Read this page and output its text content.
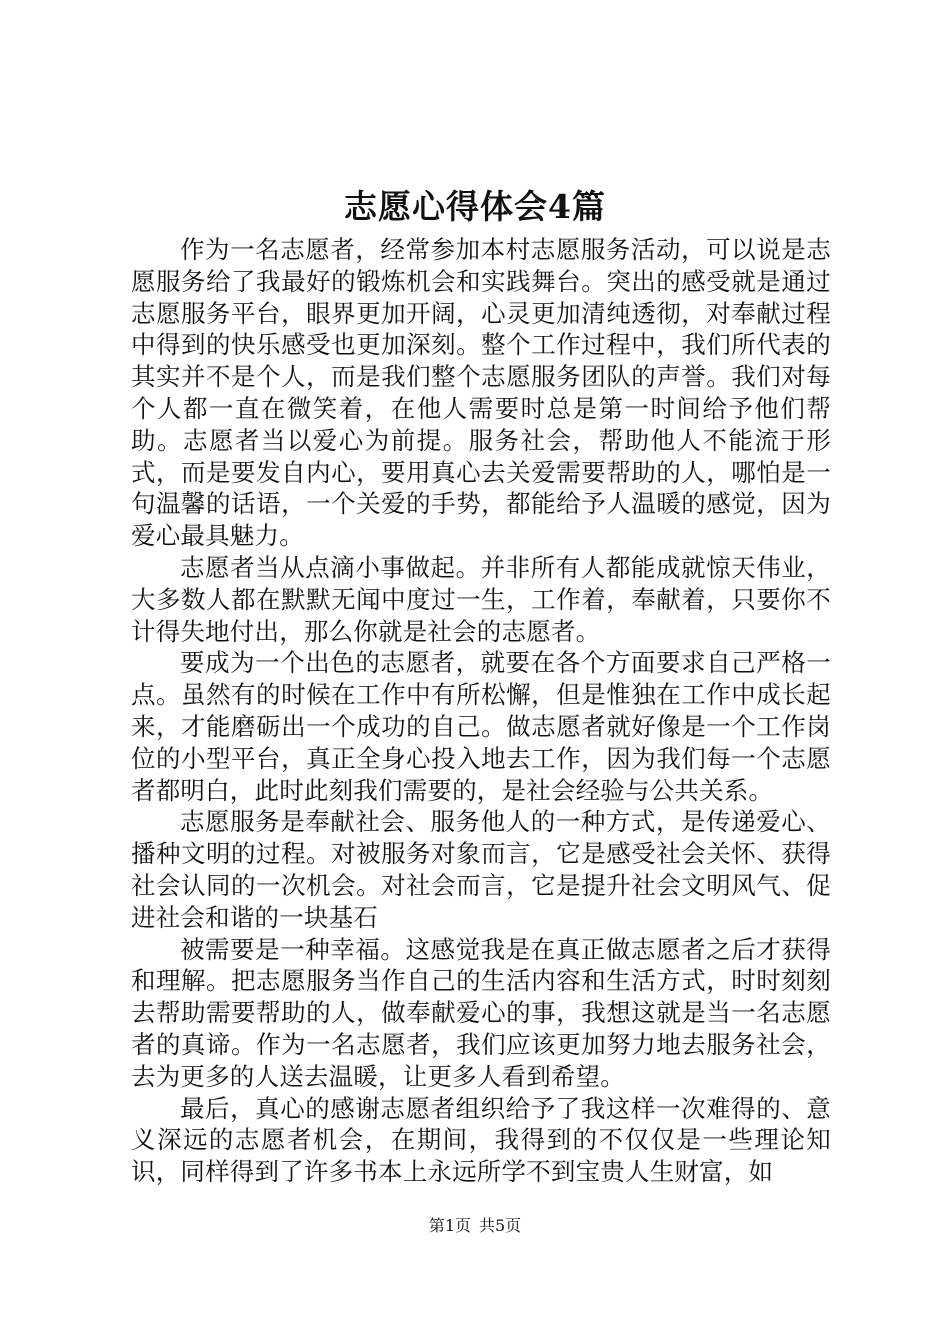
志愿心得体会4篇

作为一名志愿者，经常参加本村志愿服务活动，可以说是志愿服务给了我最好的锻炼机会和实践舞台。突出的感受就是通过志愿服务平台，眼界更加开阔，心灵更加清纯透彻，对奉献过程中得到的快乐感受也更加深刻。整个工作过程中，我们所代表的其实并不是个人，而是我们整个志愿服务团队的声誉。我们对每个人都一直在微笑着，在他人需要时总是第一时间给予他们帮助。志愿者当以爱心为前提。服务社会，帮助他人不能流于形式，而是要发自内心，要用真心去关爱需要帮助的人，哪怕是一句温馨的话语，一个关爱的手势，都能给予人温暖的感觉，因为爱心最具魅力。

志愿者当从点滴小事做起。并非所有人都能成就惊天伟业，大多数人都在默默无闻中度过一生，工作着，奉献着，只要你不计得失地付出，那么你就是社会的志愿者。

要成为一个出色的志愿者，就要在各个方面要求自己严格一点。虽然有的时候在工作中有所松懈，但是惟独在工作中成长起来，才能磨砺出一个成功的自己。做志愿者就好像是一个工作岗位的小型平台，真正全身心投入地去工作，因为我们每一个志愿者都明白，此时此刻我们需要的，是社会经验与公共关系。

志愿服务是奉献社会、服务他人的一种方式，是传递爱心、播种文明的过程。对被服务对象而言，它是感受社会关怀、获得社会认同的一次机会。对社会而言，它是提升社会文明风气、促进社会和谐的一块基石

被需要是一种幸福。这感觉我是在真正做志愿者之后才获得和理解。把志愿服务当作自己的生活内容和生活方式，时时刻刻去帮助需要帮助的人，做奉献爱心的事，我想这就是当一名志愿者的真谛。作为一名志愿者，我们应该更加努力地去服务社会，去为更多的人送去温暖，让更多人看到希望。

最后，真心的感谢志愿者组织给予了我这样一次难得的、意义深远的志愿者机会，在期间，我得到的不仅仅是一些理论知识，同样得到了许多书本上永远所学不到宝贵人生财富，如

第1页 共5页
